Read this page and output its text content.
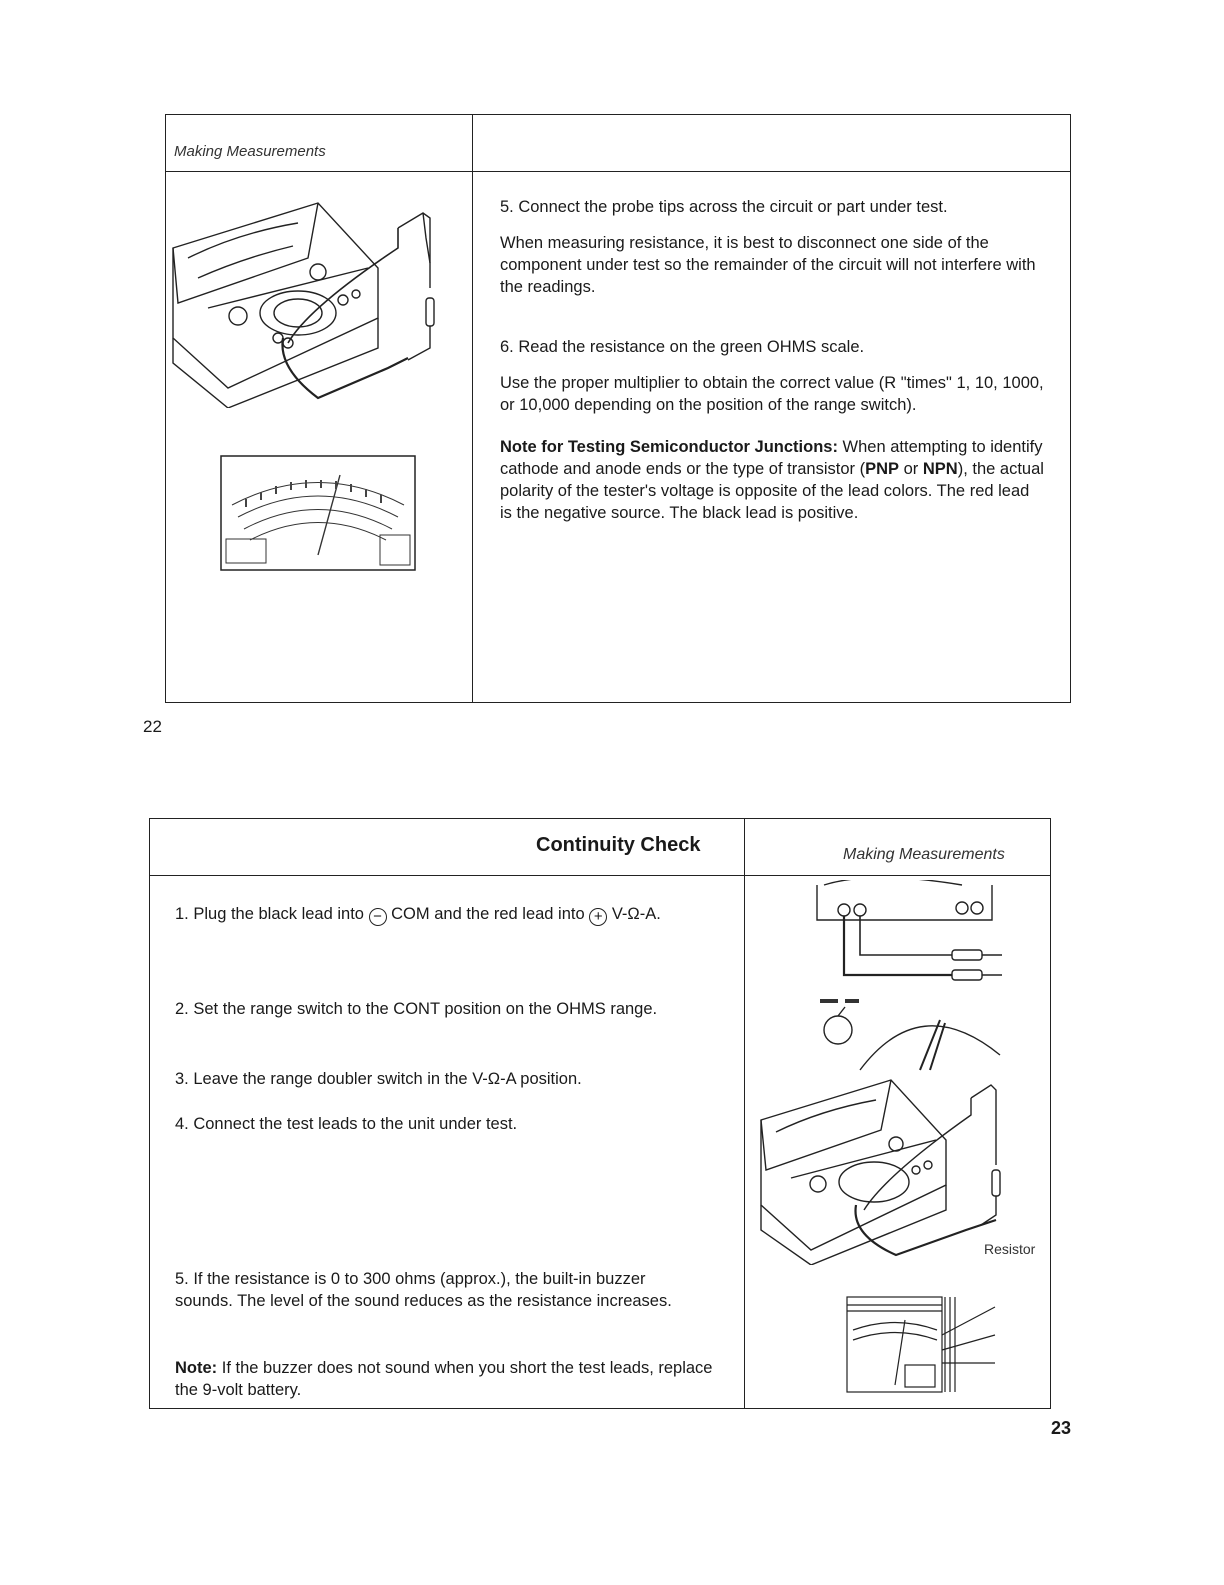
Making Measurements

5. Connect the probe tips across the circuit or part under test.

When measuring resistance, it is best to disconnect one side of the component under test so the remainder of the circuit will not interfere with the readings.

6. Read the resistance on the green OHMS scale.

Use the proper multiplier to obtain the correct value (R "times" 1, 10, 1000, or 10,000 depending on the position of the range switch).

Note for Testing Semiconductor Junctions: When attempting to identify cathode and anode ends or the type of transistor (PNP or NPN), the actual polarity of the tester's voltage is opposite of the lead colors. The red lead is the negative source. The black lead is positive.

22
Continuity Check	Making Measurements
1. Plug the black lead into − COM and the red lead into + V-Ω-A.
2. Set the range switch to the CONT position on the OHMS range.
3. Leave the range doubler switch in the V-Ω-A position.
4. Connect the test leads to the unit under test.
5. If the resistance is 0 to 300 ohms (approx.), the built-in buzzer sounds. The level of the sound reduces as the resistance increases.
Note: If the buzzer does not sound when you short the test leads, replace the 9-volt battery.
Resistor
23
